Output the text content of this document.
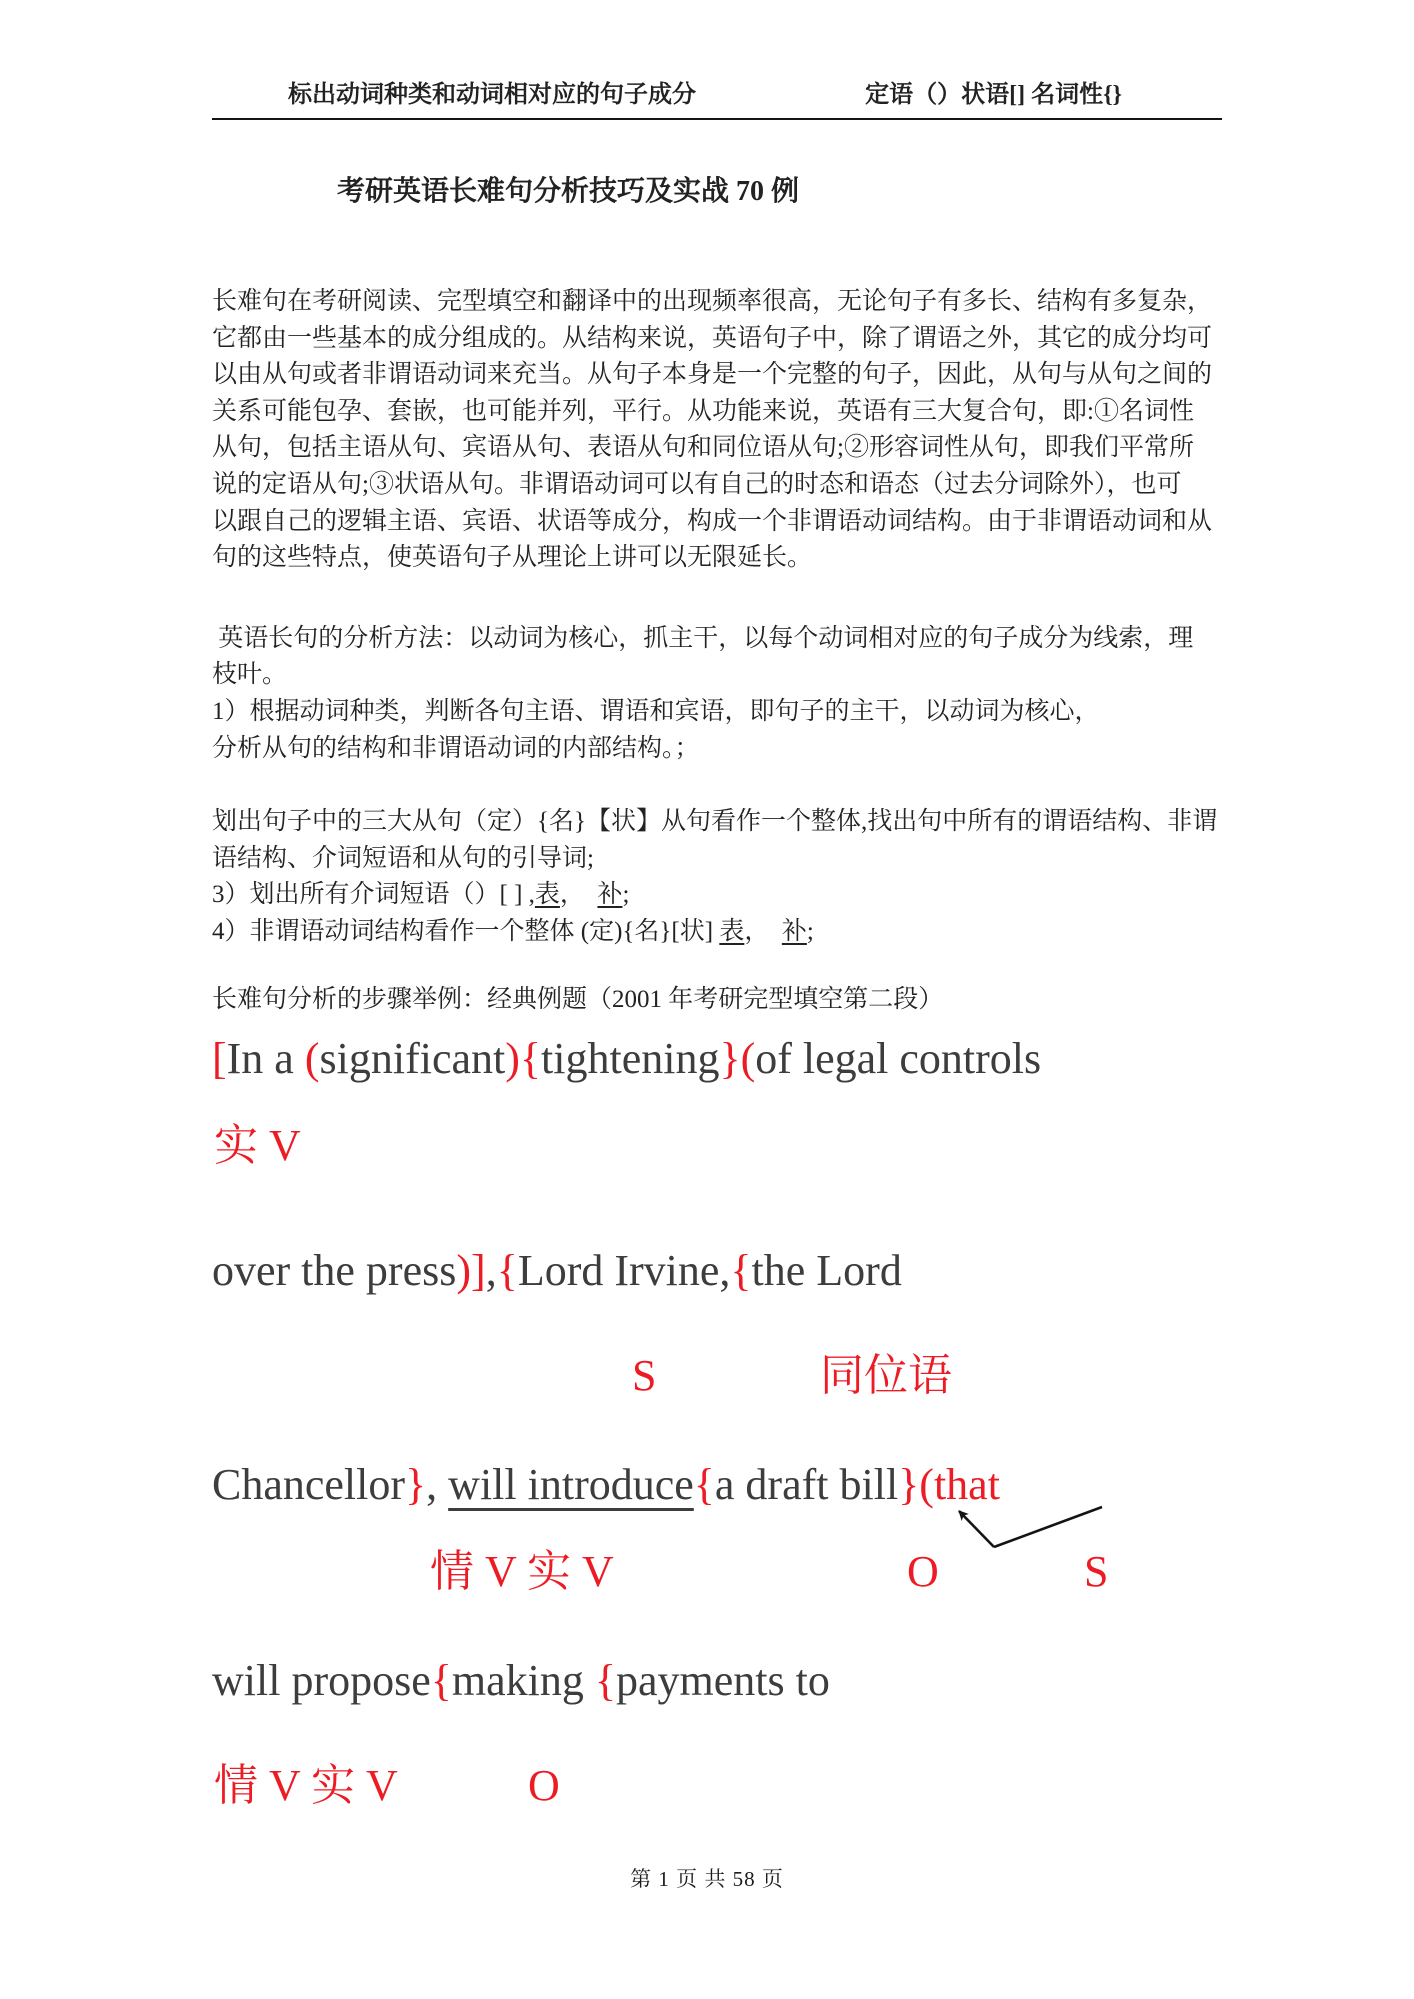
标出动词种类和动词相对应的句子成分	定语（）状语[] 名词性{}
考研英语长难句分析技巧及实战 70 例
长难句在考研阅读、完型填空和翻译中的出现频率很高，无论句子有多长、结构有多复杂，
它都由一些基本的成分组成的。从结构来说，英语句子中，除了谓语之外，其它的成分均可
以由从句或者非谓语动词来充当。从句子本身是一个完整的句子，因此，从句与从句之间的
关系可能包孕、套嵌，也可能并列，平行。从功能来说，英语有三大复合句，即:①名词性
从句，包括主语从句、宾语从句、表语从句和同位语从句;②形容词性从句，即我们平常所
说的定语从句;③状语从句。非谓语动词可以有自己的时态和语态（过去分词除外），也可
以跟自己的逻辑主语、宾语、状语等成分，构成一个非谓语动词结构。由于非谓语动词和从
句的这些特点，使英语句子从理论上讲可以无限延长。
英语长句的分析方法：以动词为核心，抓主干，以每个动词相对应的句子成分为线索，理
枝叶。
1）根据动词种类，判断各句主语、谓语和宾语，即句子的主干，以动词为核心，
分析从句的结构和非谓语动词的内部结构。；
划出句子中的三大从句（定）{名}【状】从句看作一个整体,找出句中所有的谓语结构、非谓
语结构、介词短语和从句的引导词;
3）划出所有介词短语（）[ ] ,表，　补;
4）非谓语动词结构看作一个整体 (定){名}[状] 表，　补;
长难句分析的步骤举例：经典例题（2001 年考研完型填空第二段）
[In a (significant){tightening}(of legal controls
实 V
over the press)],{Lord Irvine,{the Lord
S	同位语
Chancellor}, will introduce{a draft bill}(that
情 V 实 V	O	S
will propose{making {payments to
情 V 实 V	O
第 1 页 共 58 页
